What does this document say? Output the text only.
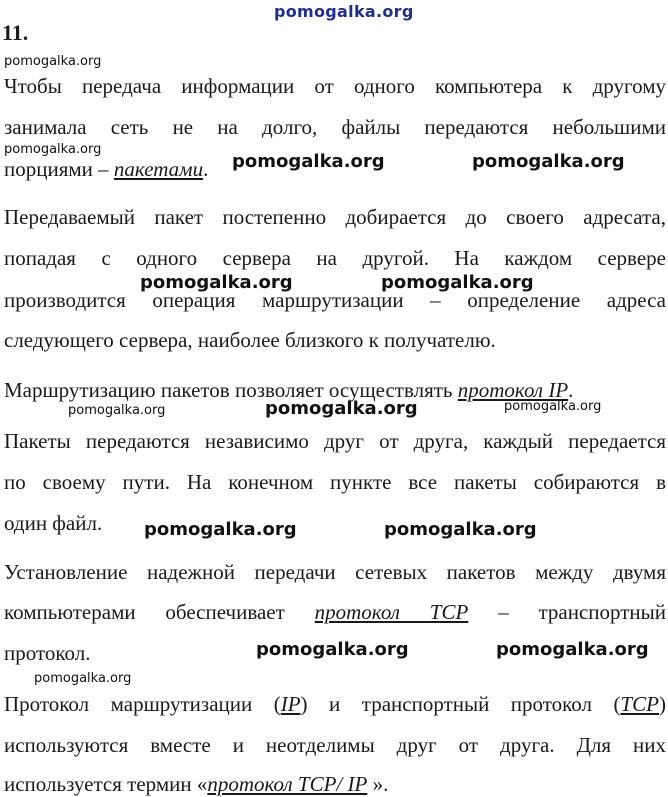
pomogalka.org
11.
pomogalka.org
Чтобы передача информации от одного компьютера к другому
занимала сеть не на долго, файлы передаются небольшими
pomogalka.org
порциями – пакетами.	pomogalka.org	pomogalka.org
Передаваемый пакет постепенно добирается до своего адресата,
попадая с одного сервера на другой. На каждом сервере
производится операция маршрутизации – определение адреса
pomogalka.org	pomogalka.org
следующего сервера, наиболее близкого к получателю.
Маршрутизацию пакетов позволяет осуществлять протокол IP.
pomogalka.org	pomogalka.org	pomogalka.org
Пакеты передаются независимо друг от друга, каждый передается
по своему пути. На конечном пункте все пакеты собираются в
один файл.	pomogalka.org	pomogalka.org
Установление надежной передачи сетевых пакетов между двумя
компьютерами обеспечивает протокол TCP – транспортный
протокол.	pomogalka.org	pomogalka.org
pomogalka.org
Протокол маршрутизации (IP) и транспортный протокол (TCP)
используются вместе и неотделимы друг от друга. Для них
используется термин «протокол TCP/ IP ».
